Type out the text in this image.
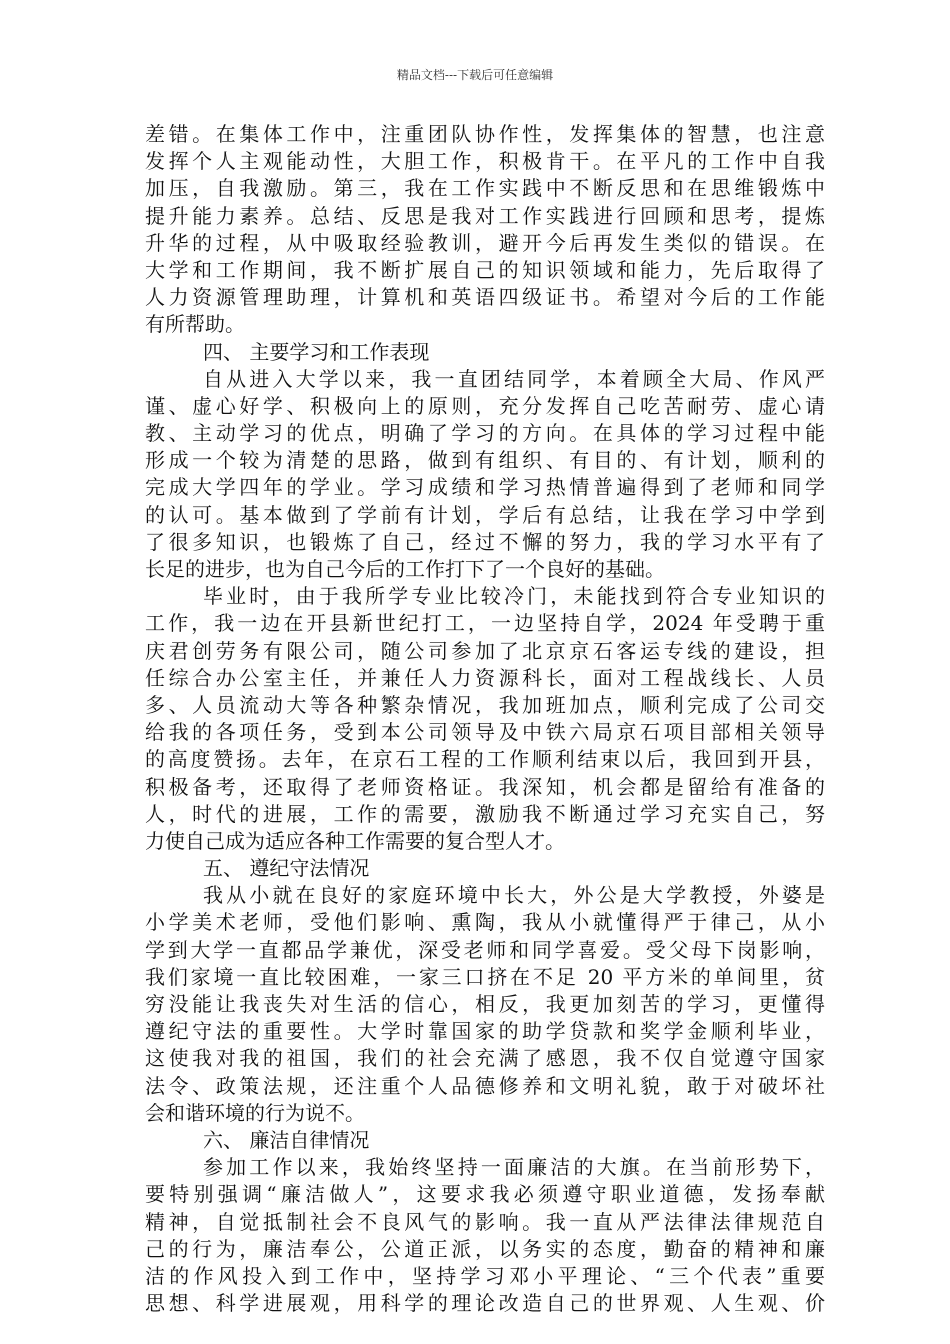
精品文档---下载后可任意编辑
差错。在集体工作中，注重团队协作性，发挥集体的智慧，也注意
发挥个人主观能动性，大胆工作，积极肯干。在平凡的工作中自我
加压，自我激励。第三，我在工作实践中不断反思和在思维锻炼中
提升能力素养。总结、反思是我对工作实践进行回顾和思考，提炼
升华的过程，从中吸取经验教训，避开今后再发生类似的错误。在
大学和工作期间，我不断扩展自己的知识领域和能力，先后取得了
人力资源管理助理，计算机和英语四级证书。希望对今后的工作能
有所帮助。
四、 主要学习和工作表现
自从进入大学以来，我一直团结同学，本着顾全大局、作风严
谨、虚心好学、积极向上的原则，充分发挥自己吃苦耐劳、虚心请
教、主动学习的优点，明确了学习的方向。在具体的学习过程中能
形成一个较为清楚的思路，做到有组织、有目的、有计划，顺利的
完成大学四年的学业。学习成绩和学习热情普遍得到了老师和同学
的认可。基本做到了学前有计划，学后有总结，让我在学习中学到
了很多知识，也锻炼了自己，经过不懈的努力，我的学习水平有了
长足的进步，也为自己今后的工作打下了一个良好的基础。
毕业时，由于我所学专业比较冷门，未能找到符合专业知识的
工作，我一边在开县新世纪打工，一边坚持自学，2024 年受聘于重
庆君创劳务有限公司，随公司参加了北京京石客运专线的建设，担
任综合办公室主任，并兼任人力资源科长，面对工程战线长、人员
多、人员流动大等各种繁杂情况，我加班加点，顺利完成了公司交
给我的各项任务，受到本公司领导及中铁六局京石项目部相关领导
的高度赞扬。去年，在京石工程的工作顺利结束以后，我回到开县，
积极备考，还取得了老师资格证。我深知，机会都是留给有准备的
人，时代的进展，工作的需要，激励我不断通过学习充实自己，努
力使自己成为适应各种工作需要的复合型人才。
五、 遵纪守法情况
我从小就在良好的家庭环境中长大，外公是大学教授，外婆是
小学美术老师，受他们影响、熏陶，我从小就懂得严于律己，从小
学到大学一直都品学兼优，深受老师和同学喜爱。受父母下岗影响，
我们家境一直比较困难，一家三口挤在不足 20 平方米的单间里，贫
穷没能让我丧失对生活的信心，相反，我更加刻苦的学习，更懂得
遵纪守法的重要性。大学时靠国家的助学贷款和奖学金顺利毕业，
这使我对我的祖国，我们的社会充满了感恩，我不仅自觉遵守国家
法令、政策法规，还注重个人品德修养和文明礼貌，敢于对破坏社
会和谐环境的行为说不。
六、 廉洁自律情况
参加工作以来，我始终坚持一面廉洁的大旗。在当前形势下，
要特别强调“廉洁做人”，这要求我必须遵守职业道德，发扬奉献
精神，自觉抵制社会不良风气的影响。我一直从严法律法律规范自
己的行为，廉洁奉公，公道正派，以务实的态度，勤奋的精神和廉
洁的作风投入到工作中，坚持学习邓小平理论、“三个代表”重要
思想、科学进展观，用科学的理论改造自己的世界观、人生观、价
